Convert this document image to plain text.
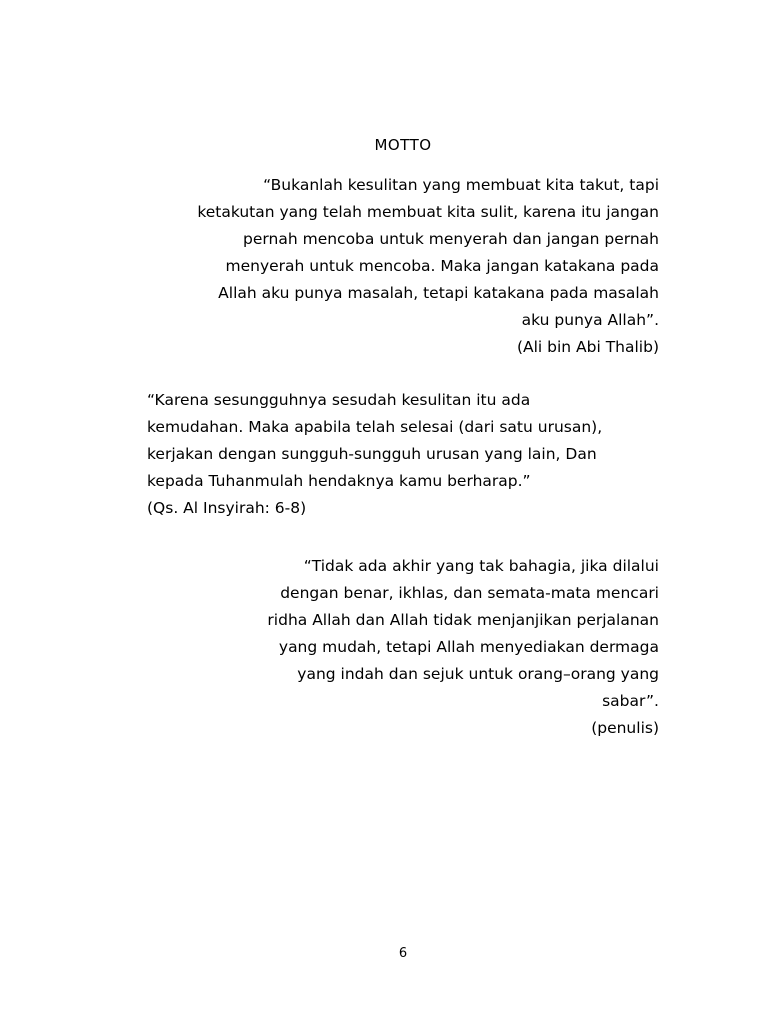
MOTTO
“Bukanlah kesulitan yang membuat kita takut, tapi
ketakutan yang telah membuat kita sulit, karena itu jangan
pernah mencoba untuk menyerah dan jangan pernah
menyerah untuk mencoba. Maka jangan katakana pada
Allah aku punya masalah, tetapi katakana pada masalah
aku punya Allah”.
(Ali bin Abi Thalib)
“Karena sesungguhnya sesudah kesulitan itu ada
kemudahan. Maka apabila telah selesai (dari satu urusan),
kerjakan dengan sungguh-sungguh urusan yang lain, Dan
kepada Tuhanmulah hendaknya kamu berharap.”
(Qs. Al Insyirah: 6-8)
“Tidak ada akhir yang tak bahagia, jika dilalui
dengan benar, ikhlas, dan semata-mata mencari
ridha Allah dan Allah tidak menjanjikan perjalanan
yang mudah, tetapi Allah menyediakan dermaga
yang indah dan sejuk untuk orang–orang yang
sabar”.
(penulis)
6
